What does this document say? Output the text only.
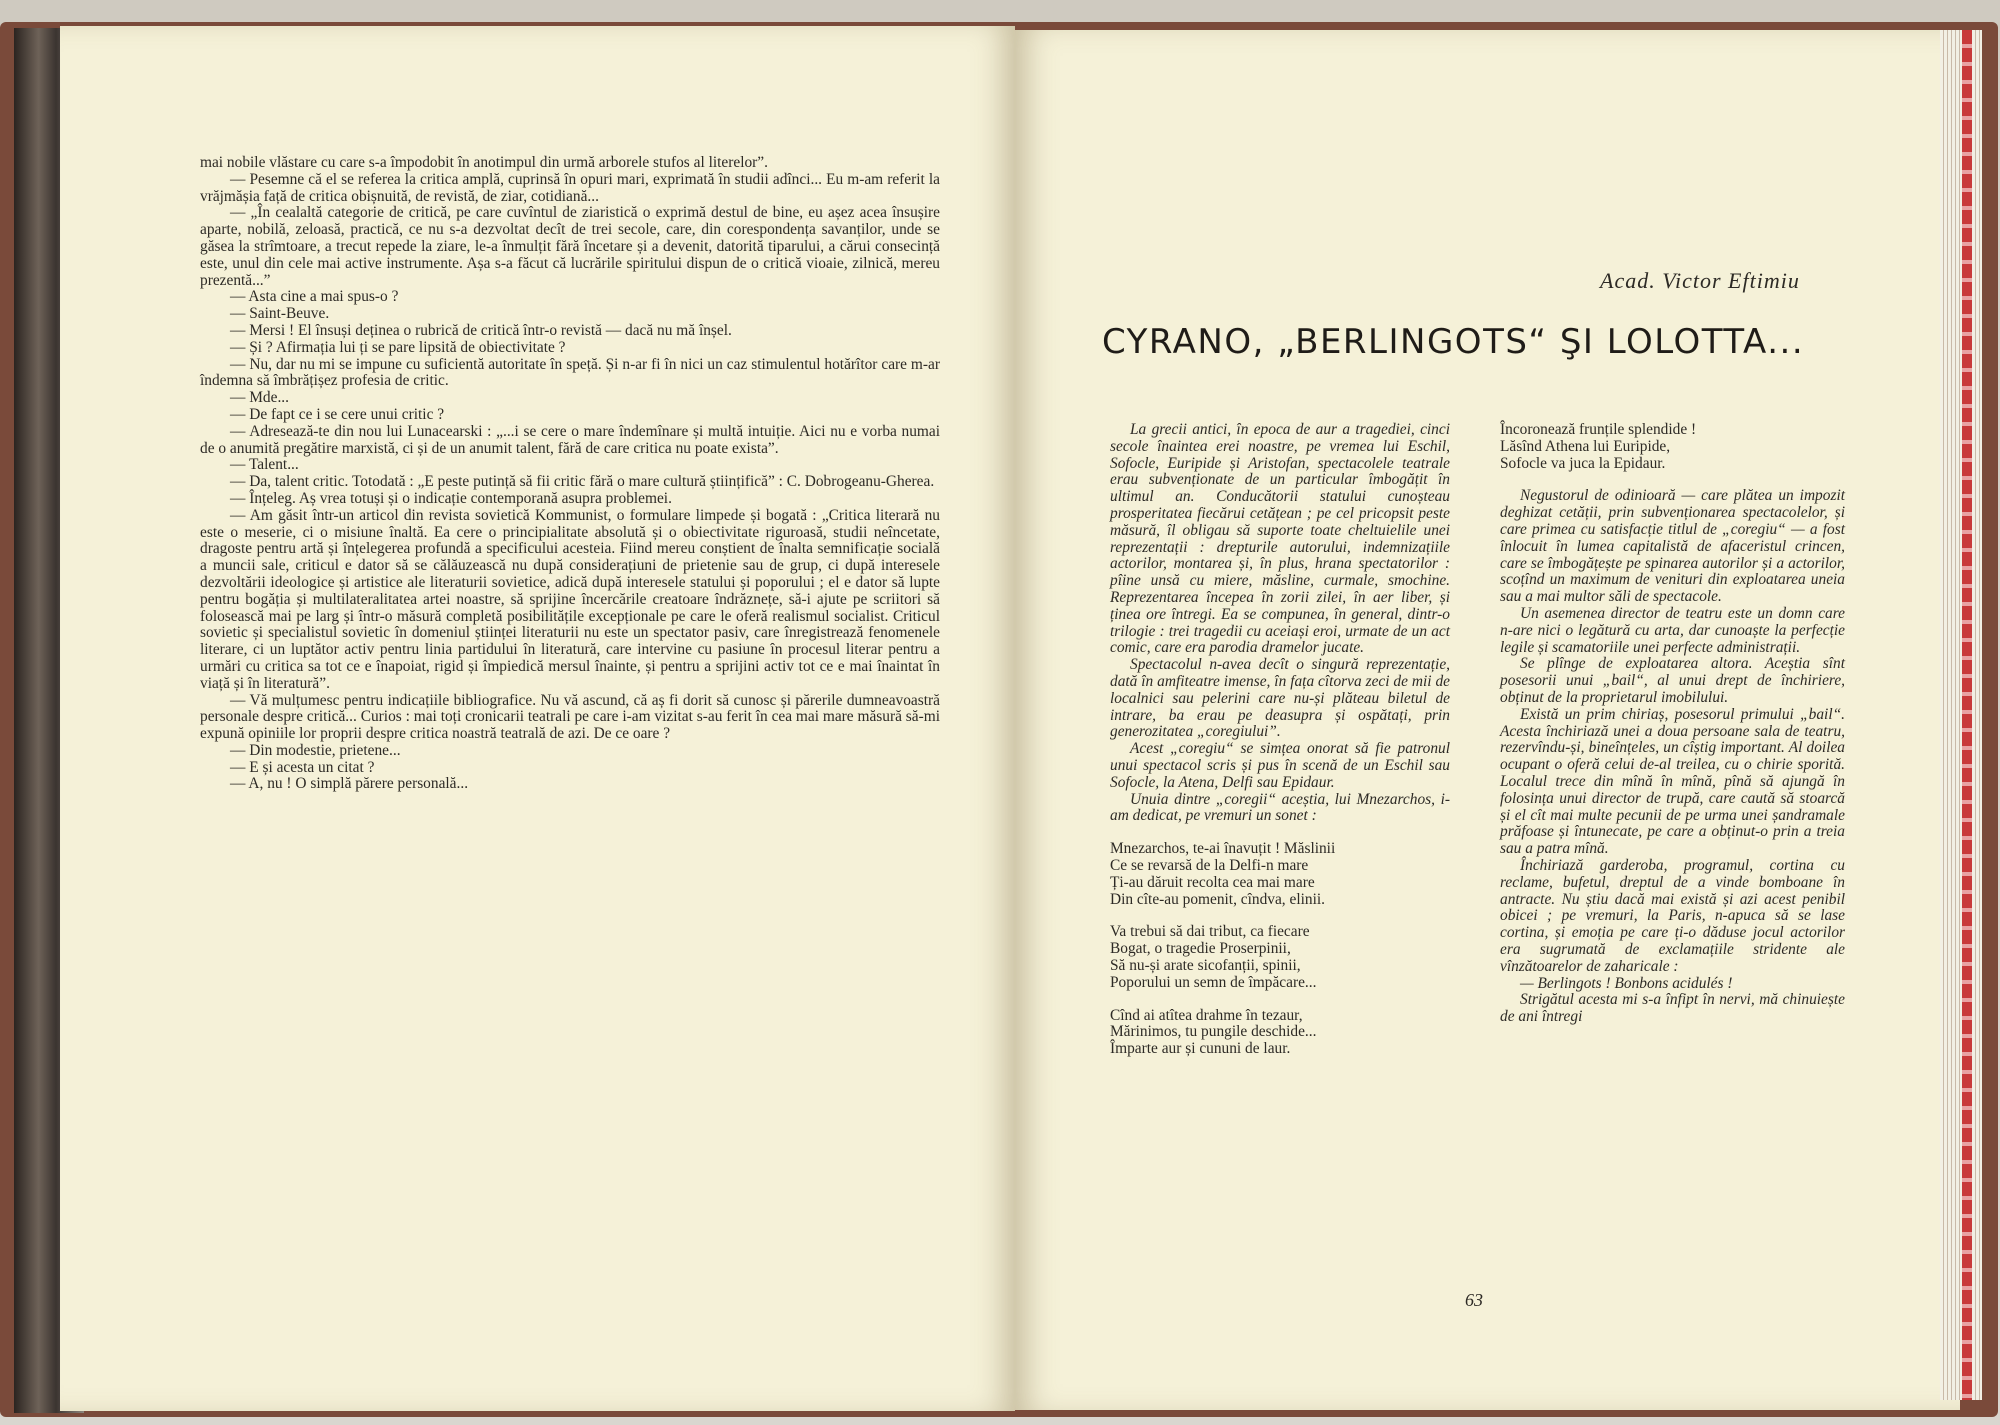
mai nobile vlăstare cu care s-a împodobit în anotimpul din urmă arborele stufos al literelor”.

— Pesemne că el se referea la critica amplă, cuprinsă în opuri mari, exprimată în studii adînci... Eu m-am referit la vrăjmășia față de critica obișnuită, de revistă, de ziar, cotidiană...

— „În cealaltă categorie de critică, pe care cuvîntul de ziaristică o exprimă destul de bine, eu așez acea însușire aparte, nobilă, zeloasă, practică, ce nu s-a dezvoltat decît de trei secole, care, din corespondența savanților, unde se găsea la strîmtoare, a trecut repede la ziare, le-a înmulțit fără încetare și a devenit, datorită tiparului, a cărui consecință este, unul din cele mai active instrumente. Așa s-a făcut că lucrările spiritului dispun de o critică vioaie, zilnică, mereu prezentă...”

— Asta cine a mai spus-o ?

— Saint-Beuve.

— Mersi ! El însuși deținea o rubrică de critică într-o revistă — dacă nu mă înșel.

— Și ? Afirmația lui ți se pare lipsită de obiectivitate ?

— Nu, dar nu mi se impune cu suficientă autoritate în speță. Și n-ar fi în nici un caz stimulentul hotărîtor care m-ar îndemna să îmbrățișez profesia de critic.

— Mde...

— De fapt ce i se cere unui critic ?

— Adresează-te din nou lui Lunacearski : „...i se cere o mare îndemînare și multă intuiție. Aici nu e vorba numai de o anumită pregătire marxistă, ci și de un anumit talent, fără de care critica nu poate exista”.

— Talent...

— Da, talent critic. Totodată : „E peste putință să fii critic fără o mare cultură științifică” : C. Dobrogeanu-Gherea.

— Înțeleg. Aș vrea totuși și o indicație contemporană asupra problemei.

— Am găsit într-un articol din revista sovietică Kommunist, o formulare limpede și bogată : „Critica literară nu este o meserie, ci o misiune înaltă. Ea cere o principialitate absolută și o obiectivitate riguroasă, studii neîncetate, dragoste pentru artă și înțelegerea profundă a specificului acesteia. Fiind mereu conștient de înalta semnificație socială a muncii sale, criticul e dator să se călăuzească nu după considerațiuni de prietenie sau de grup, ci după interesele dezvoltării ideologice și artistice ale literaturii sovietice, adică după interesele statului și poporului ; el e dator să lupte pentru bogăția și multilateralitatea artei noastre, să sprijine încercările creatoare îndrăznețe, să-i ajute pe scriitori să folosească mai pe larg și într-o măsură completă posibilitățile excepționale pe care le oferă realismul socialist. Criticul sovietic și specialistul sovietic în domeniul științei literaturii nu este un spectator pasiv, care înregistrează fenomenele literare, ci un luptător activ pentru linia partidului în literatură, care intervine cu pasiune în procesul literar pentru a urmări cu critica sa tot ce e înapoiat, rigid și împiedică mersul înainte, și pentru a sprijini activ tot ce e mai înaintat în viață și în literatură”.

— Vă mulțumesc pentru indicațiile bibliografice. Nu vă ascund, că aș fi dorit să cunosc și părerile dumneavoastră personale despre critică... Curios : mai toți cronicarii teatrali pe care i-am vizitat s-au ferit în cea mai mare măsură să-mi expună opiniile lor proprii despre critica noastră teatrală de azi. De ce oare ?

— Din modestie, prietene...

— E și acesta un citat ?

— A, nu ! O simplă părere personală...

Acad. Victor Eftimiu
CYRANO, „BERLINGOTS“ ŞI LOLOTTA...

La grecii antici, în epoca de aur a tragediei, cinci secole înaintea erei noastre, pe vremea lui Eschil, Sofocle, Euripide și Aristofan, spectacolele teatrale erau subvenționate de un particular îmbogățit în ultimul an. Conducătorii statului cunoșteau prosperitatea fiecărui cetățean ; pe cel pricopsit peste măsură, îl obligau să suporte toate cheltuielile unei reprezentații : drepturile autorului, indemnizațiile actorilor, montarea și, în plus, hrana spectatorilor : pîine unsă cu miere, măsline, curmale, smochine. Reprezentarea începea în zorii zilei, în aer liber, și ținea ore întregi. Ea se compunea, în general, dintr-o trilogie : trei tragedii cu aceiași eroi, urmate de un act comic, care era parodia dramelor jucate.

Spectacolul n-avea decît o singură reprezentație, dată în amfiteatre imense, în fața cîtorva zeci de mii de localnici sau pelerini care nu-și plăteau biletul de intrare, ba erau pe deasupra și ospătați, prin generozitatea „coregiului”.

Acest „coregiu“ se simțea onorat să fie patronul unui spectacol scris și pus în scenă de un Eschil sau Sofocle, la Atena, Delfi sau Epidaur.

Unuia dintre „coregii“ aceștia, lui Mnezarchos, i-am dedicat, pe vremuri un sonet :

Mnezarchos, te-ai înavuțit ! Măslinii

Ce se revarsă de la Delfi-n mare

Ți-au dăruit recolta cea mai mare

Din cîte-au pomenit, cîndva, elinii.

Va trebui să dai tribut, ca fiecare

Bogat, o tragedie Proserpinii,

Să nu-și arate sicofanții, spinii,

Poporului un semn de împăcare...

Cînd ai atîtea drahme în tezaur,

Mărinimos, tu pungile deschide...

Împarte aur și cununi de laur.

Încoronează frunțile splendide !

Lăsînd Athena lui Euripide,

Sofocle va juca la Epidaur.

Negustorul de odinioară — care plătea un impozit deghizat cetății, prin subvenționarea spectacolelor, și care primea cu satisfacție titlul de „coregiu“ — a fost înlocuit în lumea capitalistă de afaceristul crincen, care se îmbogățește pe spinarea autorilor și a actorilor, scoțînd un maximum de venituri din exploatarea uneia sau a mai multor săli de spectacole.

Un asemenea director de teatru este un domn care n-are nici o legătură cu arta, dar cunoaște la perfecție legile și scamatoriile unei perfecte administrații.

Se plînge de exploatarea altora. Aceștia sînt posesorii unui „bail“, al unui drept de închiriere, obținut de la proprietarul imobilului.

Există un prim chiriaș, posesorul primului „bail“. Acesta închiriază unei a doua persoane sala de teatru, rezervîndu-și, bineînțeles, un cîștig important. Al doilea ocupant o oferă celui de-al treilea, cu o chirie sporită. Localul trece din mînă în mînă, pînă să ajungă în folosința unui director de trupă, care caută să stoarcă și el cît mai multe pecunii de pe urma unei șandramale prăfoase și întunecate, pe care a obținut-o prin a treia sau a patra mînă.

Închiriază garderoba, programul, cortina cu reclame, bufetul, dreptul de a vinde bomboane în antracte. Nu știu dacă mai există și azi acest penibil obicei ; pe vremuri, la Paris, n-apuca să se lase cortina, și emoția pe care ți-o dăduse jocul actorilor era sugrumată de exclamațiile stridente ale vînzătoarelor de zaharicale :

— Berlingots ! Bonbons acidulés !

Strigătul acesta mi s-a înfipt în nervi, mă chinuiește de ani întregi

63
